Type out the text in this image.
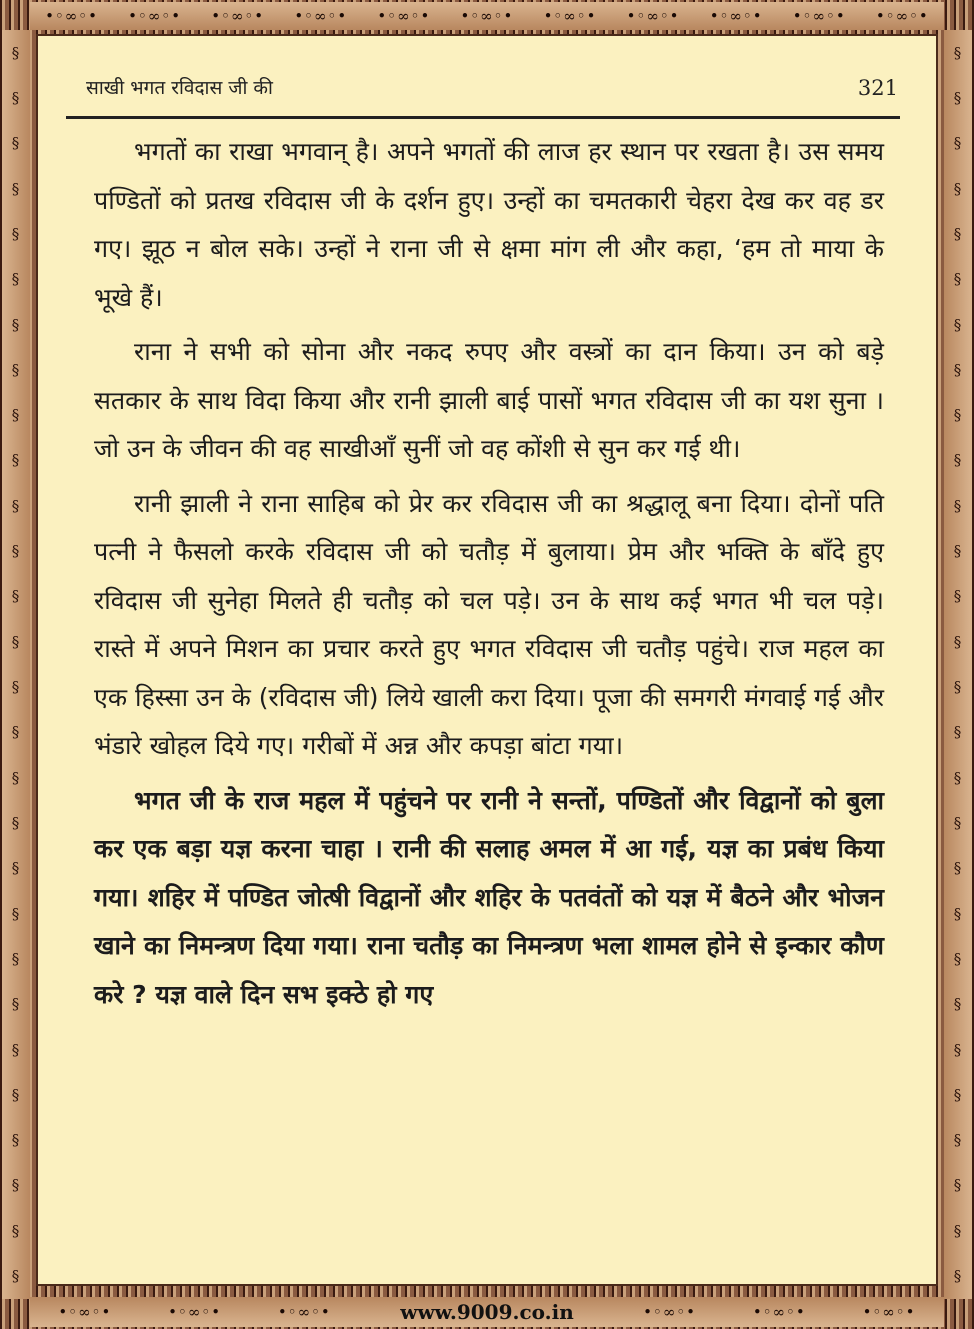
•◦∞◦• •◦∞◦• •◦∞◦• •◦∞◦• •◦∞◦• •◦∞◦• •◦∞◦• •◦∞◦• •◦∞◦• •◦∞◦• •◦∞◦•
•◦∞◦•	•◦∞◦•	•◦∞◦•	•◦∞◦•	•◦∞◦•	•◦∞◦•
§
§
§
§
§
§
§
§
§
§
§
§
§
§
§
§
§
§
§
§
§
§
§
§
§
§
§
§
§
§
§
§
§
§
§
§
§
§
§
§
§
§
§
§
§
§
§
§
§
§
§
§
§
§
§
§
साखी भगत रविदास जी की	321

भगतों का राखा भगवान् है। अपने भगतों की लाज हर स्थान पर रखता है। उस समय पण्डितों को प्रतख रविदास जी के दर्शन हुए। उन्हों का चमतकारी चेहरा देख कर वह डर गए। झूठ न बोल सके। उन्हों ने राना जी से क्षमा मांग ली और कहा, ‘हम तो माया के भूखे हैं।

राना ने सभी को सोना और नकद रुपए और वस्त्रों का दान किया। उन को बड़े सतकार के साथ विदा किया और रानी झाली बाई पासों भगत रविदास जी का यश सुना । जो उन के जीवन की वह साखीआँ सुनीं जो वह कोंशी से सुन कर गई थी।

रानी झाली ने राना साहिब को प्रेर कर रविदास जी का श्रद्धालू बना दिया। दोनों पति पत्नी ने फैसलो करके रविदास जी को चतौड़ में बुलाया। प्रेम और भक्ति के बाँदे हुए रविदास जी सुनेहा मिलते ही चतौड़ को चल पड़े। उन के साथ कई भगत भी चल पड़े। रास्ते में अपने मिशन का प्रचार करते हुए भगत रविदास जी चतौड़ पहुंचे। राज महल का एक हिस्सा उन के (रविदास जी) लिये खाली करा दिया। पूजा की समगरी मंगवाई गई और भंडारे खोहल दिये गए। गरीबों में अन्न और कपड़ा बांटा गया।

भगत जी के राज महल में पहुंचने पर रानी ने सन्तों, पण्डितों और विद्वानों को बुला कर एक बड़ा यज्ञ करना चाहा । रानी की सलाह अमल में आ गई, यज्ञ का प्रबंध किया गया। शहिर में पण्डित जोत्षी विद्वानों और शहिर के पतवंतों को यज्ञ में बैठने और भोजन खाने का निमन्त्रण दिया गया। राना चतौड़ का निमन्त्रण भला शामल होने से इन्कार कौण करे ? यज्ञ वाले दिन सभ इक्ठे हो गए

www.9009.co.in
